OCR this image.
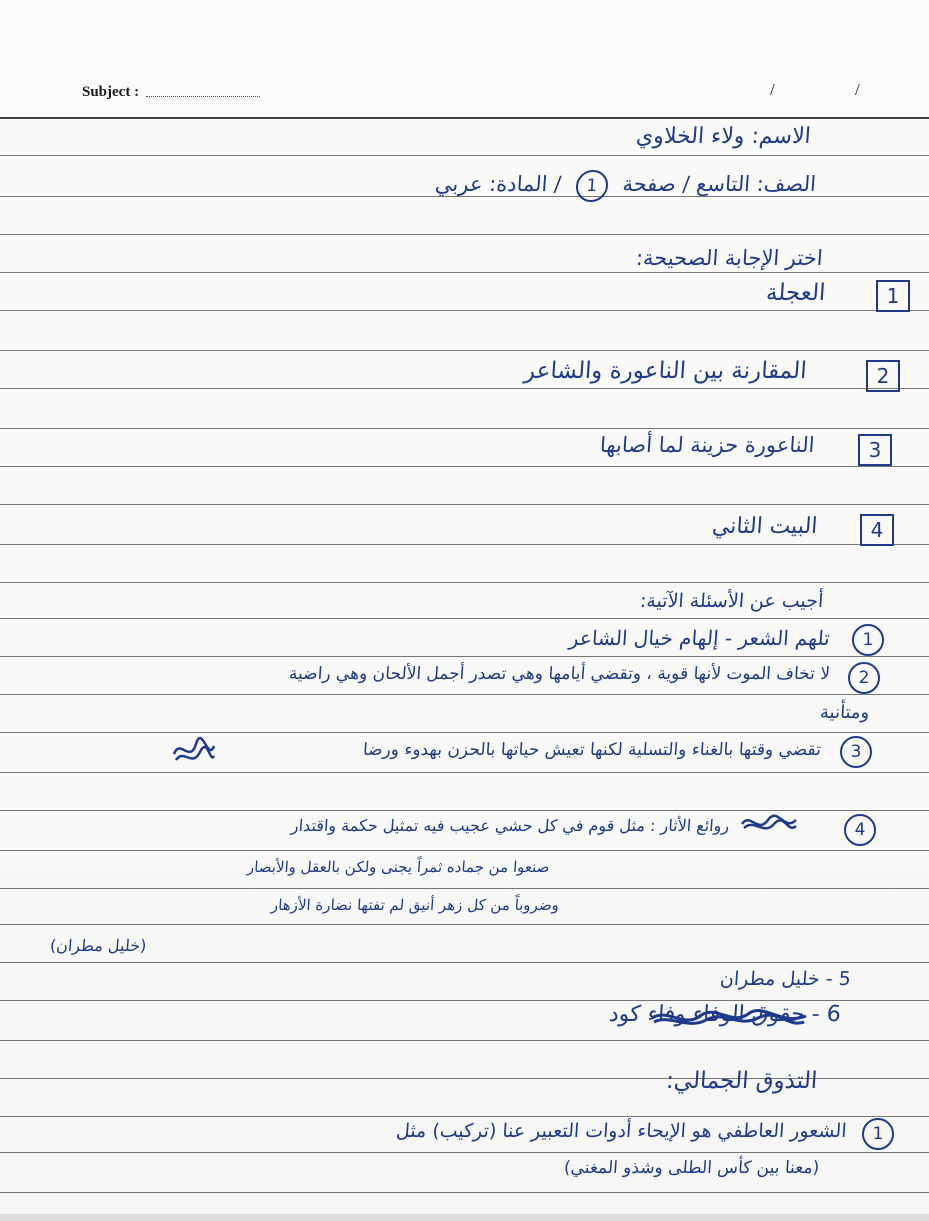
Subject :	/ /
الاسم: ولاء الخلاوي
الصف: التاسع / صفحة 1 / المادة: عربي
اختر الإجابة الصحيحة:
1
العجلة
2
المقارنة بين الناعورة والشاعر
3
الناعورة حزينة لما أصابها
4
البيت الثاني
أجيب عن الأسئلة الآتية:
1
تلهم الشعر - إلهام خيال الشاعر
2
لا تخاف الموت لأنها قوية ، وتقضي أيامها وهي تصدر أجمل الألحان وهي راضية
ومتأنية
3
تقضي وقتها بالغناء والتسلية لكنها تعيش حياتها بالحزن بهدوء ورضا
4
روائع الأثار : مثل قوم في كل حشي عجيب فيه تمثيل حكمة واقتدار
صنعوا من جماده ثمراً يجنى ولكن بالعقل والأبصار
وضروباً من كل زهر أنيق لم تفتها نضارة الأزهار
(خليل مطران)
5 - خليل مطران
6 - حقوق الوفاء وفاء كود
التذوق الجمالي:
1
الشعور العاطفي هو الإيحاء أدوات التعبير عنا (تركيب) مثل
(معنا بين كأس الطلى وشذو المغني)
